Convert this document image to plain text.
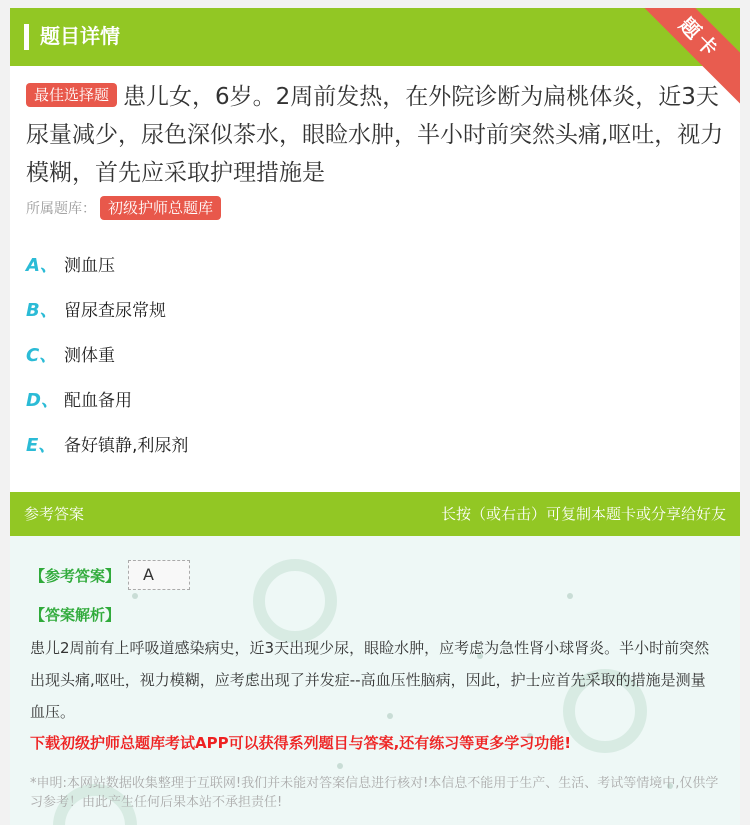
题目详情	题卡
最佳选择题 患儿女，6岁。2周前发热，在外院诊断为扁桃体炎，近3天尿量减少，尿色深似茶水，眼睑水肿，半小时前突然头痛,呕吐，视力模糊，首先应采取护理措施是
所属题库： 初级护师总题库
A、 测血压
B、 留尿查尿常规
C、 测体重
D、 配血备用
E、 备好镇静,利尿剂
参考答案	长按（或右击）可复制本题卡或分享给好友
【参考答案】	A
【答案解析】
患儿2周前有上呼吸道感染病史，近3天出现少尿，眼睑水肿，应考虑为急性肾小球肾炎。半小时前突然出现头痛,呕吐，视力模糊，应考虑出现了并发症--高血压性脑病，因此，护士应首先采取的措施是测量血压。
下载初级护师总题库考试APP可以获得系列题目与答案,还有练习等更多学习功能!
*申明:本网站数据收集整理于互联网!我们并未能对答案信息进行核对!本信息不能用于生产、生活、考试等情境中,仅供学习参考！由此产生任何后果本站不承担责任!
